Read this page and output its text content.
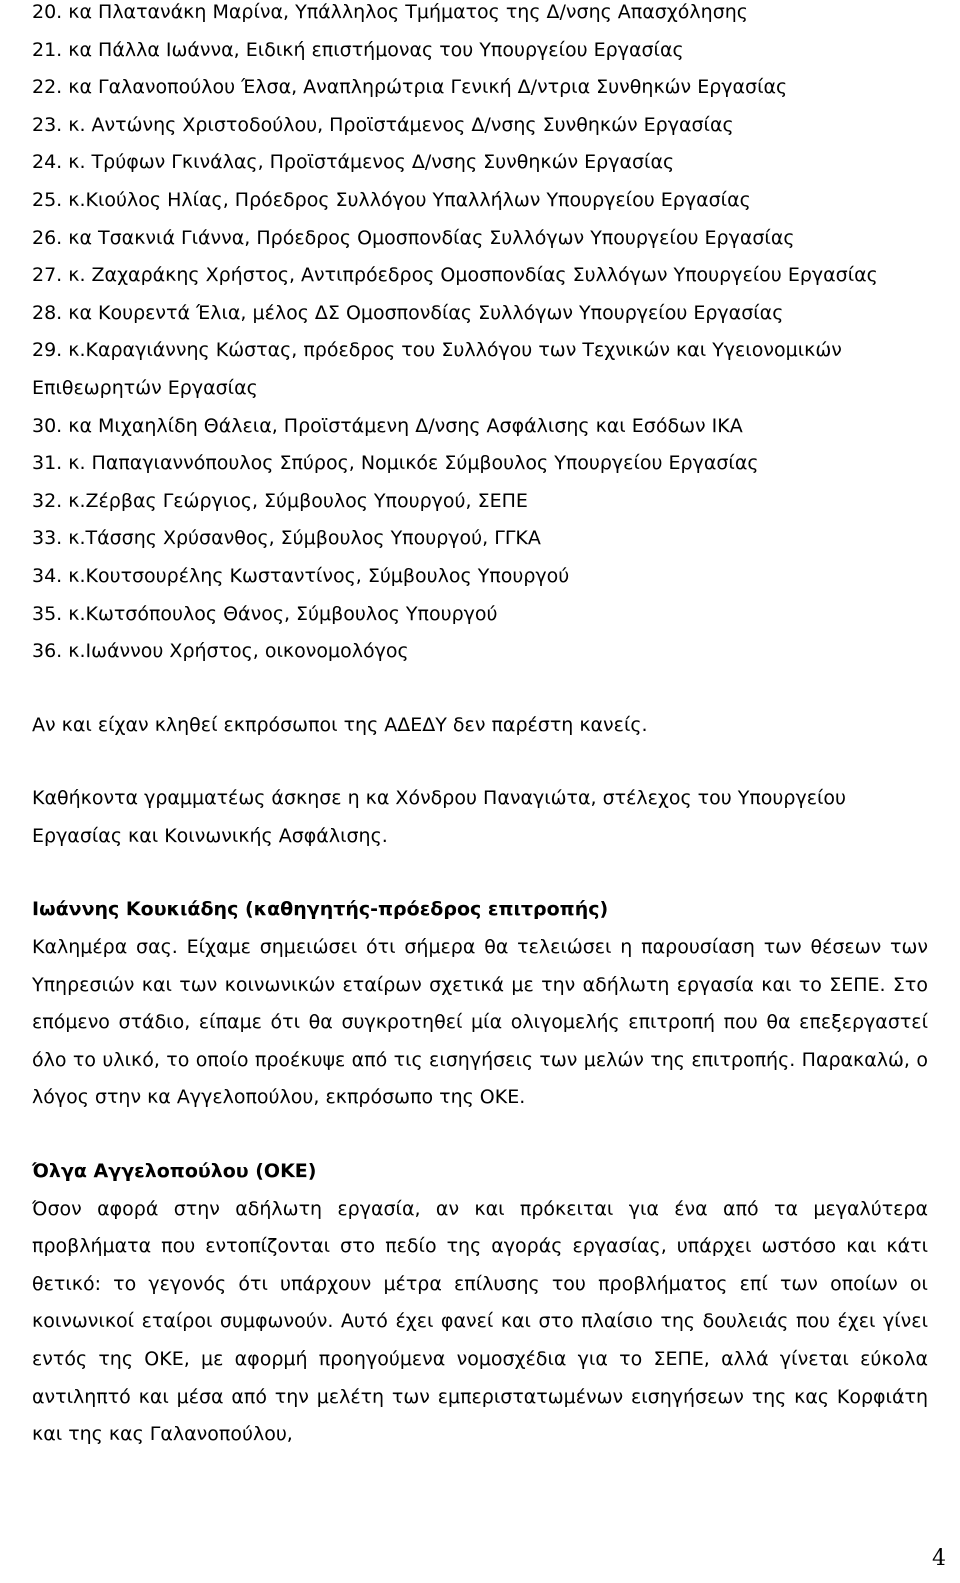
20. κα Πλατανάκη Μαρίνα, Υπάλληλος Τμήματος της Δ/νσης Απασχόλησης
21. κα Πάλλα Ιωάννα, Ειδική επιστήμονας του Υπουργείου Εργασίας
22. κα Γαλανοπούλου Έλσα, Αναπληρώτρια Γενική Δ/ντρια Συνθηκών Εργασίας
23. κ. Αντώνης Χριστοδούλου, Προϊστάμενος Δ/νσης Συνθηκών Εργασίας
24. κ. Τρύφων Γκινάλας, Προϊστάμενος Δ/νσης Συνθηκών Εργασίας
25. κ.Κιούλος Ηλίας, Πρόεδρος Συλλόγου Υπαλλήλων Υπουργείου Εργασίας
26. κα Τσακνιά Γιάννα, Πρόεδρος Ομοσπονδίας Συλλόγων Υπουργείου Εργασίας
27. κ. Ζαχαράκης Χρήστος, Αντιπρόεδρος Ομοσπονδίας Συλλόγων Υπουργείου Εργασίας
28. κα Κουρεντά Έλια, μέλος ΔΣ Ομοσπονδίας Συλλόγων Υπουργείου Εργασίας
29. κ.Καραγιάννης Κώστας, πρόεδρος του Συλλόγου των Τεχνικών και Υγειονομικών Επιθεωρητών Εργασίας
30. κα Μιχαηλίδη Θάλεια, Προϊστάμενη Δ/νσης Ασφάλισης και Εσόδων ΙΚΑ
31. κ. Παπαγιαννόπουλος Σπύρος, Νομικόε Σύμβουλος Υπουργείου Εργασίας
32. κ.Ζέρβας Γεώργιος, Σύμβουλος Υπουργού, ΣΕΠΕ
33. κ.Τάσσης Χρύσανθος, Σύμβουλος Υπουργού, ΓΓΚΑ
34. κ.Κουτσουρέλης Κωσταντίνος, Σύμβουλος Υπουργού
35. κ.Κωτσόπουλος Θάνος, Σύμβουλος Υπουργού
36. κ.Ιωάννου Χρήστος, οικονομολόγος

Αν και είχαν κληθεί εκπρόσωποι της ΑΔΕΔΥ δεν παρέστη κανείς.

Καθήκοντα γραμματέως άσκησε η κα Χόνδρου Παναγιώτα, στέλεχος του Υπουργείου Εργασίας και Κοινωνικής Ασφάλισης.

Ιωάννης Κουκιάδης (καθηγητής-πρόεδρος επιτροπής)

Καλημέρα σας. Είχαμε σημειώσει ότι σήμερα θα τελειώσει η παρουσίαση των θέσεων των Υπηρεσιών και των κοινωνικών εταίρων σχετικά με την αδήλωτη εργασία και το ΣΕΠΕ. Στο επόμενο στάδιο, είπαμε ότι θα συγκροτηθεί μία ολιγομελής επιτροπή που θα επεξεργαστεί όλο το υλικό, το οποίο προέκυψε από τις εισηγήσεις των μελών της επιτροπής. Παρακαλώ, ο λόγος στην κα Αγγελοπούλου, εκπρόσωπο της ΟΚΕ.

Όλγα Αγγελοπούλου (ΟΚΕ)

Όσον αφορά στην αδήλωτη εργασία, αν και πρόκειται για ένα από τα μεγαλύτερα προβλήματα που εντοπίζονται στο πεδίο της αγοράς εργασίας, υπάρχει ωστόσο και κάτι θετικό: το γεγονός ότι υπάρχουν μέτρα επίλυσης του προβλήματος επί των οποίων οι κοινωνικοί εταίροι συμφωνούν. Αυτό έχει φανεί και στο πλαίσιο της δουλειάς που έχει γίνει εντός της ΟΚΕ, με αφορμή προηγούμενα νομοσχέδια για το ΣΕΠΕ, αλλά γίνεται εύκολα αντιληπτό και μέσα από την μελέτη των εμπεριστατωμένων εισηγήσεων της κας Κορφιάτη και της κας Γαλανοπούλου,

4
